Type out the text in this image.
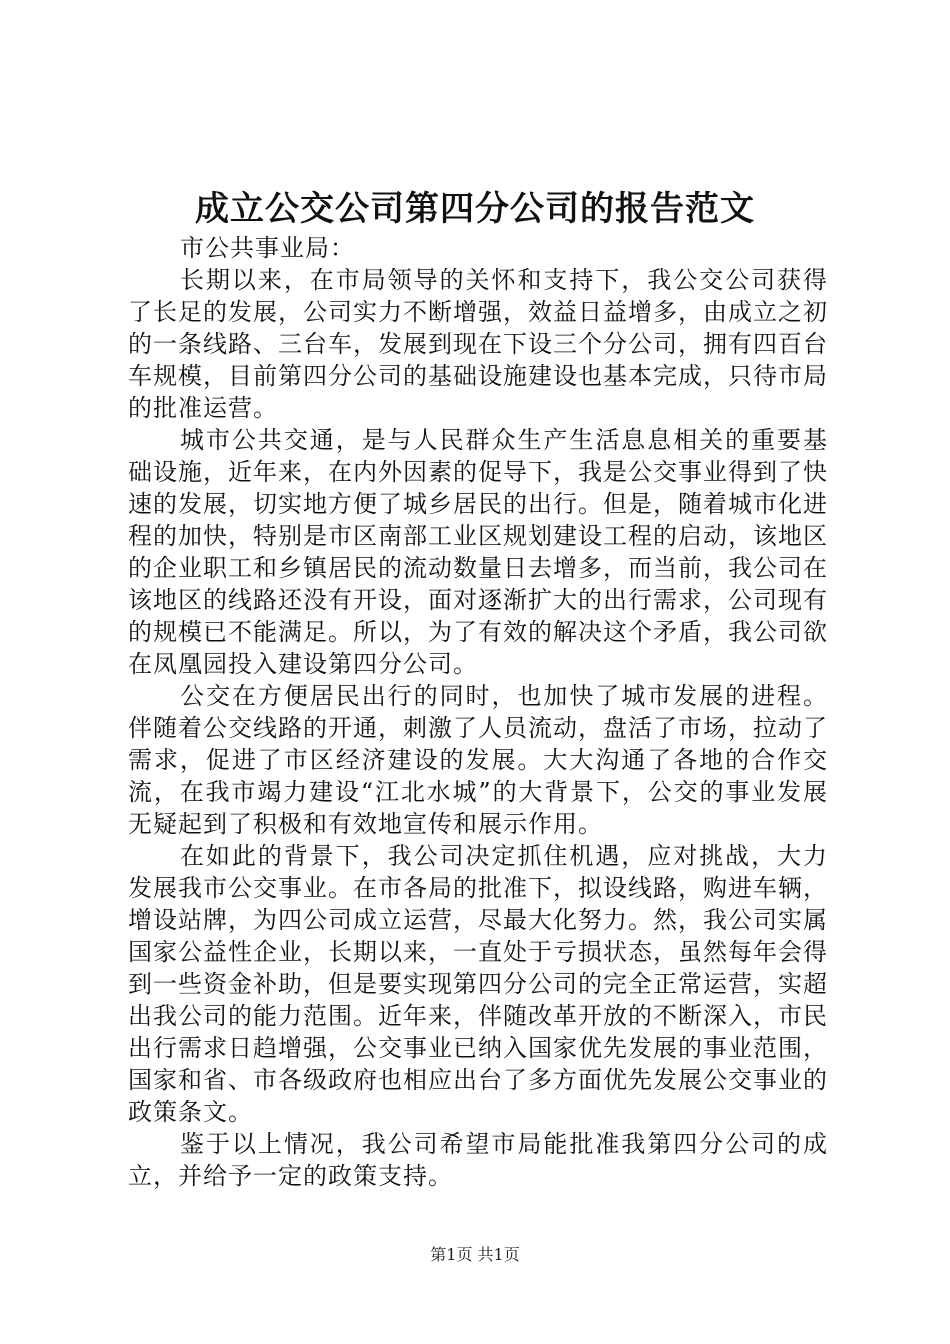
成立公交公司第四分公司的报告范文

市公共事业局：

长期以来，在市局领导的关怀和支持下，我公交公司获得了长足的发展，公司实力不断增强，效益日益增多，由成立之初的一条线路、三台车，发展到现在下设三个分公司，拥有四百台车规模，目前第四分公司的基础设施建设也基本完成，只待市局的批准运营。

城市公共交通，是与人民群众生产生活息息相关的重要基础设施，近年来，在内外因素的促导下，我是公交事业得到了快速的发展，切实地方便了城乡居民的出行。但是，随着城市化进程的加快，特别是市区南部工业区规划建设工程的启动，该地区的企业职工和乡镇居民的流动数量日去增多，而当前，我公司在该地区的线路还没有开设，面对逐渐扩大的出行需求，公司现有的规模已不能满足。所以，为了有效的解决这个矛盾，我公司欲在凤凰园投入建设第四分公司。

公交在方便居民出行的同时，也加快了城市发展的进程。伴随着公交线路的开通，刺激了人员流动，盘活了市场，拉动了需求，促进了市区经济建设的发展。大大沟通了各地的合作交流，在我市竭力建设“江北水城”的大背景下，公交的事业发展无疑起到了积极和有效地宣传和展示作用。

在如此的背景下，我公司决定抓住机遇，应对挑战，大力发展我市公交事业。在市各局的批准下，拟设线路，购进车辆，增设站牌，为四公司成立运营，尽最大化努力。然，我公司实属国家公益性企业，长期以来，一直处于亏损状态，虽然每年会得到一些资金补助，但是要实现第四分公司的完全正常运营，实超出我公司的能力范围。近年来，伴随改革开放的不断深入，市民出行需求日趋增强，公交事业已纳入国家优先发展的事业范围，国家和省、市各级政府也相应出台了多方面优先发展公交事业的政策条文。

鉴于以上情况，我公司希望市局能批准我第四分公司的成立，并给予一定的政策支持。

第1页 共1页
